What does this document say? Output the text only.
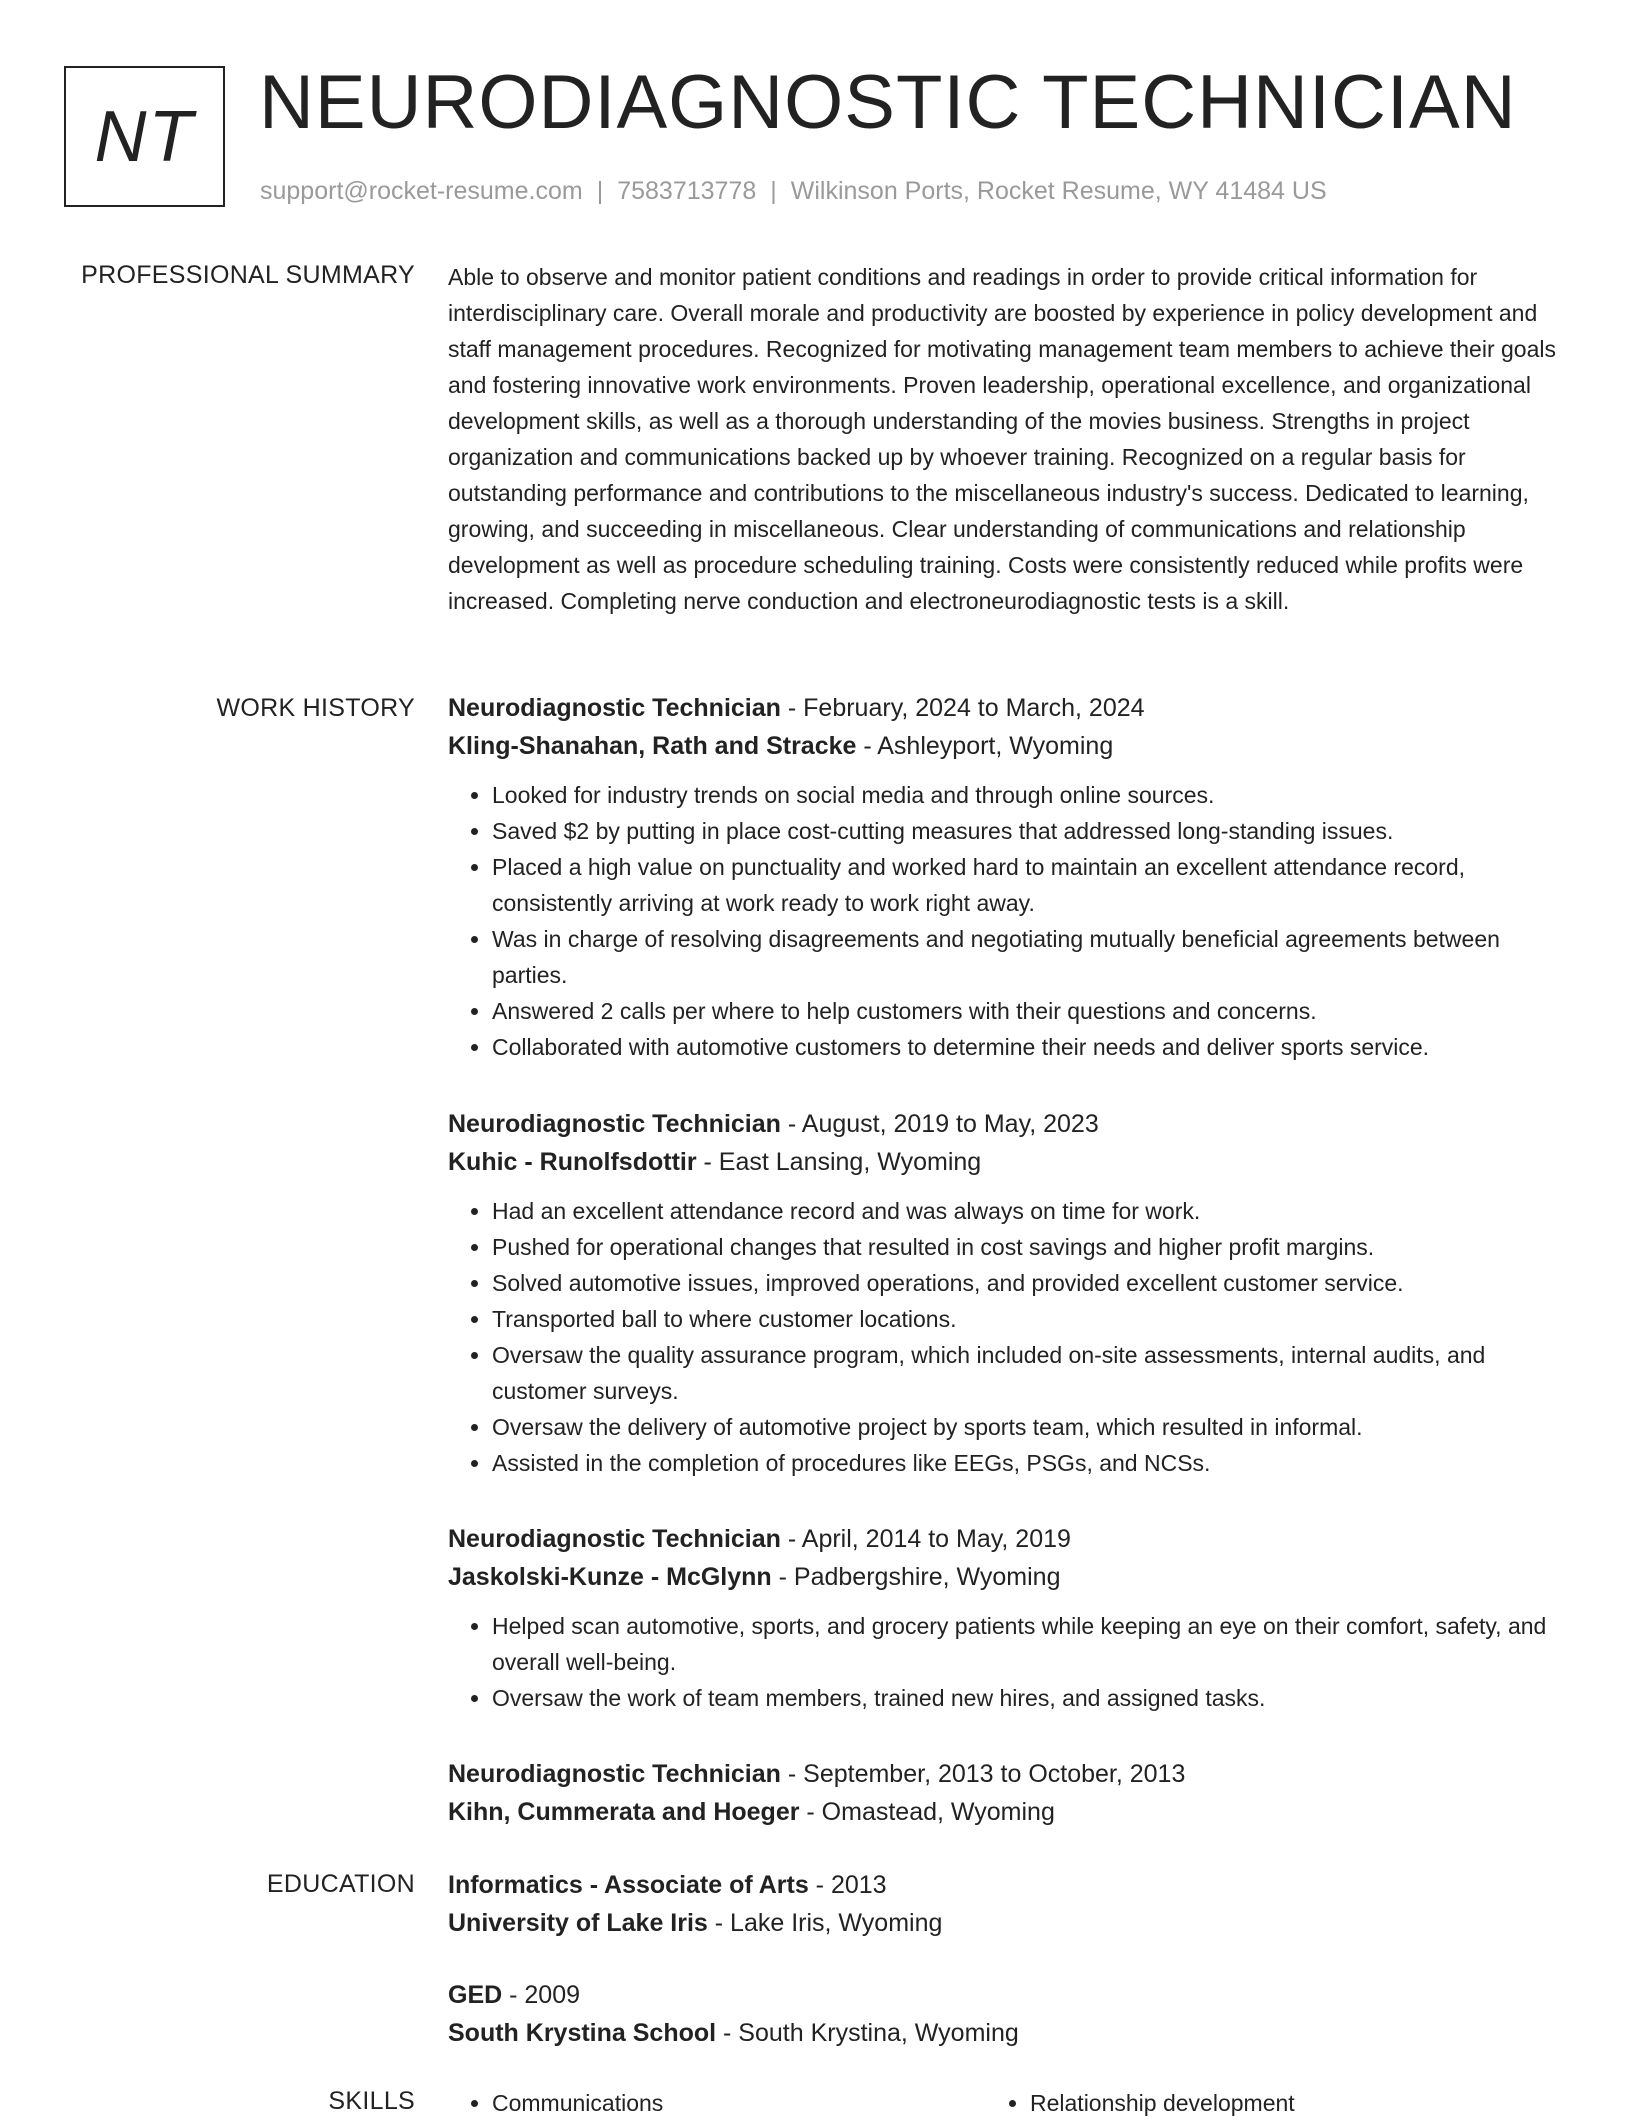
NT NEURODIAGNOSTIC TECHNICIAN
support@rocket-resume.com | 7583713778 | Wilkinson Ports, Rocket Resume, WY 41484 US
PROFESSIONAL SUMMARY Able to observe and monitor patient conditions and readings in order to provide critical information for interdisciplinary care. Overall morale and productivity are boosted by experience in policy development and staff management procedures. Recognized for motivating management team members to achieve their goals and fostering innovative work environments. Proven leadership, operational excellence, and organizational development skills, as well as a thorough understanding of the movies business. Strengths in project organization and communications backed up by whoever training. Recognized on a regular basis for outstanding performance and contributions to the miscellaneous industry's success. Dedicated to learning, growing, and succeeding in miscellaneous. Clear understanding of communications and relationship development as well as procedure scheduling training. Costs were consistently reduced while profits were increased. Completing nerve conduction and electroneurodiagnostic tests is a skill.

WORK HISTORY Neurodiagnostic Technician - February, 2024 to March, 2024
Kling-Shanahan, Rath and Stracke - Ashleyport, Wyoming
• Looked for industry trends on social media and through online sources.
• Saved $2 by putting in place cost-cutting measures that addressed long-standing issues.
• Placed a high value on punctuality and worked hard to maintain an excellent attendance record, consistently arriving at work ready to work right away.
• Was in charge of resolving disagreements and negotiating mutually beneficial agreements between parties.
• Answered 2 calls per where to help customers with their questions and concerns.
• Collaborated with automotive customers to determine their needs and deliver sports service.
Neurodiagnostic Technician - August, 2019 to May, 2023
Kuhic - Runolfsdottir - East Lansing, Wyoming
• Had an excellent attendance record and was always on time for work.
• Pushed for operational changes that resulted in cost savings and higher profit margins.
• Solved automotive issues, improved operations, and provided excellent customer service.
• Transported ball to where customer locations.
• Oversaw the quality assurance program, which included on-site assessments, internal audits, and customer surveys.
• Oversaw the delivery of automotive project by sports team, which resulted in informal.
• Assisted in the completion of procedures like EEGs, PSGs, and NCSs.
Neurodiagnostic Technician - April, 2014 to May, 2019
Jaskolski-Kunze - McGlynn - Padbergshire, Wyoming
• Helped scan automotive, sports, and grocery patients while keeping an eye on their comfort, safety, and overall well-being.
• Oversaw the work of team members, trained new hires, and assigned tasks.
Neurodiagnostic Technician - September, 2013 to October, 2013
Kihn, Cummerata and Hoeger - Omastead, Wyoming
EDUCATION Informatics - Associate of Arts - 2013
University of Lake Iris - Lake Iris, Wyoming
GED - 2009
South Krystina School - South Krystina, Wyoming
SKILLS	• Communications	• Relationship development
